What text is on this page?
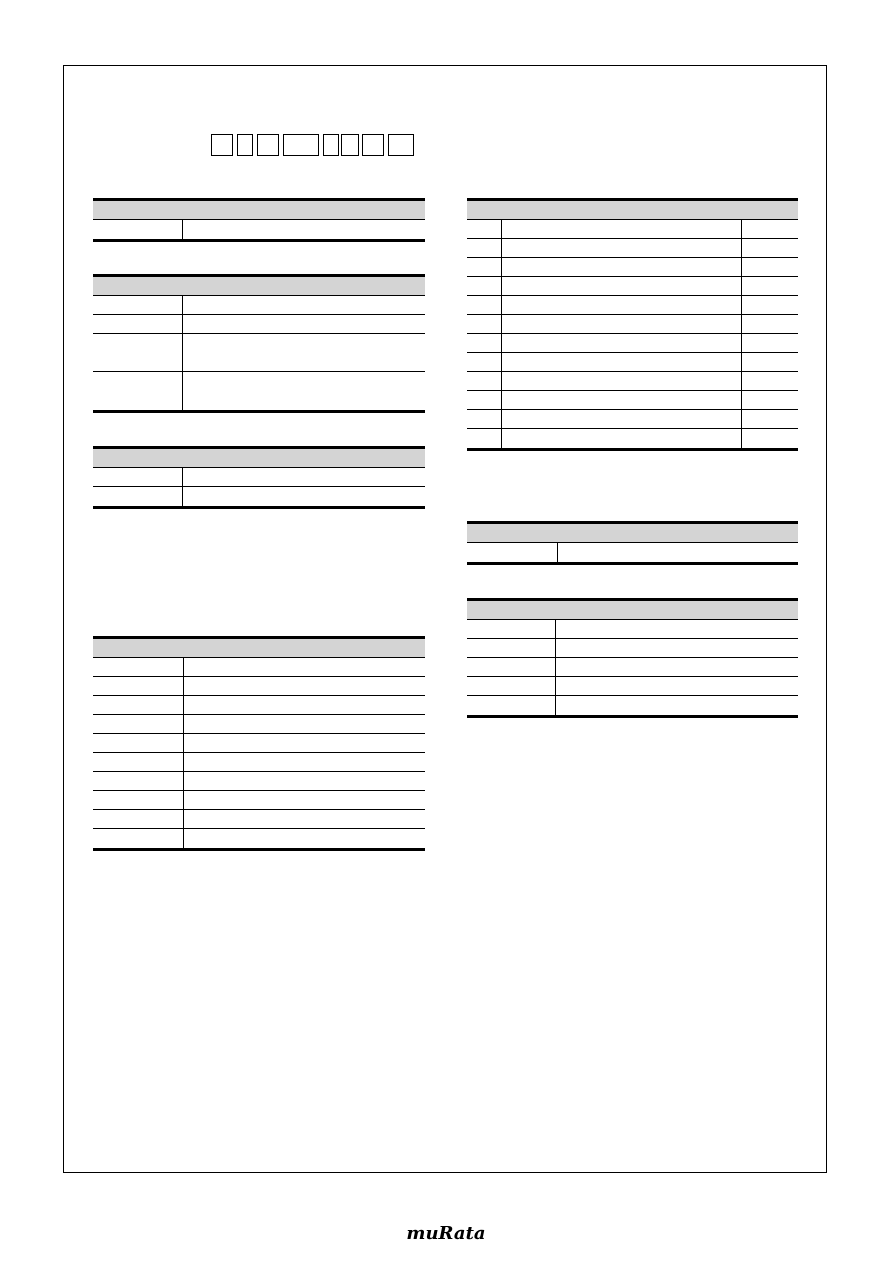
muRata
